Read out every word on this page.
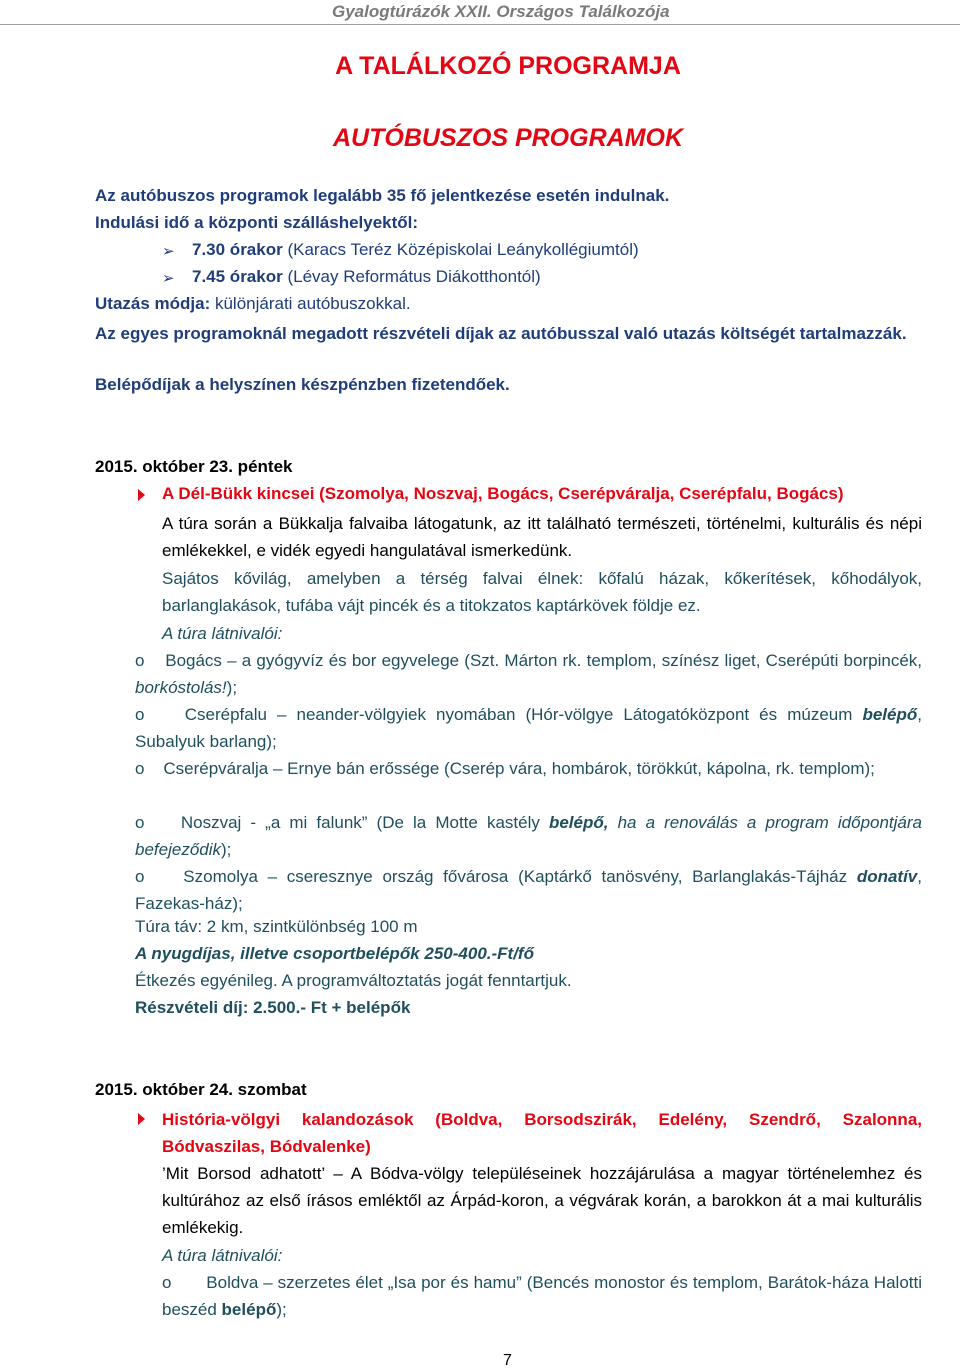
Gyalogtúrázók XXII. Országos Találkozója
A TALÁLKOZÓ PROGRAMJA
AUTÓBUSZOS PROGRAMOK
Az autóbuszos programok legalább 35 fő jelentkezése esetén indulnak.
Indulási idő a központi szálláshelyektől:
➢ 7.30 órakor (Karacs Teréz Középiskolai Leánykollégiumtól)
➢ 7.45 órakor (Lévay Református Diákotthontól)
Utazás módja: különjárati autóbuszokkal.
Az egyes programoknál megadott részvételi díjak az autóbusszal való utazás költségét tartalmazzák.
Belépődíjak a helyszínen készpénzben fizetendőek.
2015. október 23. péntek
A Dél-Bükk kincsei (Szomolya, Noszvaj, Bogács, Cserépváralja, Cserépfalu, Bogács)
A túra során a Bükkalja falvaiba látogatunk, az itt található természeti, történelmi, kulturális és népi emlékekkel, e vidék egyedi hangulatával ismerkedünk.
Sajátos kővilág, amelyben a térség falvai élnek: kőfalú házak, kőkerítések, kőhodályok, barlanglakások, tufába vájt pincék és a titokzatos kaptárkövek földje ez.
A túra látnivalói:
o Bogács – a gyógyvíz és bor egyvelege (Szt. Márton rk. templom, színész liget, Cserépúti borpincék, borkóstolás!);
o Cserépfalu – neander-völgyiek nyomában (Hór-völgye Látogatóközpont és múzeum belépő, Subalyuk barlang);
o Cserépváralja – Ernye bán erőssége (Cserép vára, hombárok, törökkút, kápolna, rk. templom);
o Noszvaj - „a mi falunk” (De la Motte kastély belépő, ha a renoválás a program időpontjára befejeződik);
o Szomolya – cseresznye ország fővárosa (Kaptárkő tanösvény, Barlanglakás-Tájház donatív, Fazekas-ház);
Túra táv: 2 km, szintkülönbség 100 m
A nyugdíjas, illetve csoportbelépők 250-400.-Ft/fő
Étkezés egyénileg. A programváltoztatás jogát fenntartjuk.
Részvételi díj: 2.500.- Ft + belépők
2015. október 24. szombat
História-völgyi kalandozások (Boldva, Borsodszirák, Edelény, Szendrő, Szalonna, Bódvaszilas, Bódvalenke)
’Mit Borsod adhatott’ – A Bódva-völgy településeinek hozzájárulása a magyar történelemhez és kultúrához az első írásos emléktől az Árpád-koron, a végvárak korán, a barokkon át a mai kulturális emlékekig.
A túra látnivalói:
o Boldva – szerzetes élet „Isa por és hamu” (Bencés monostor és templom, Barátok-háza Halotti beszéd belépő);
7
